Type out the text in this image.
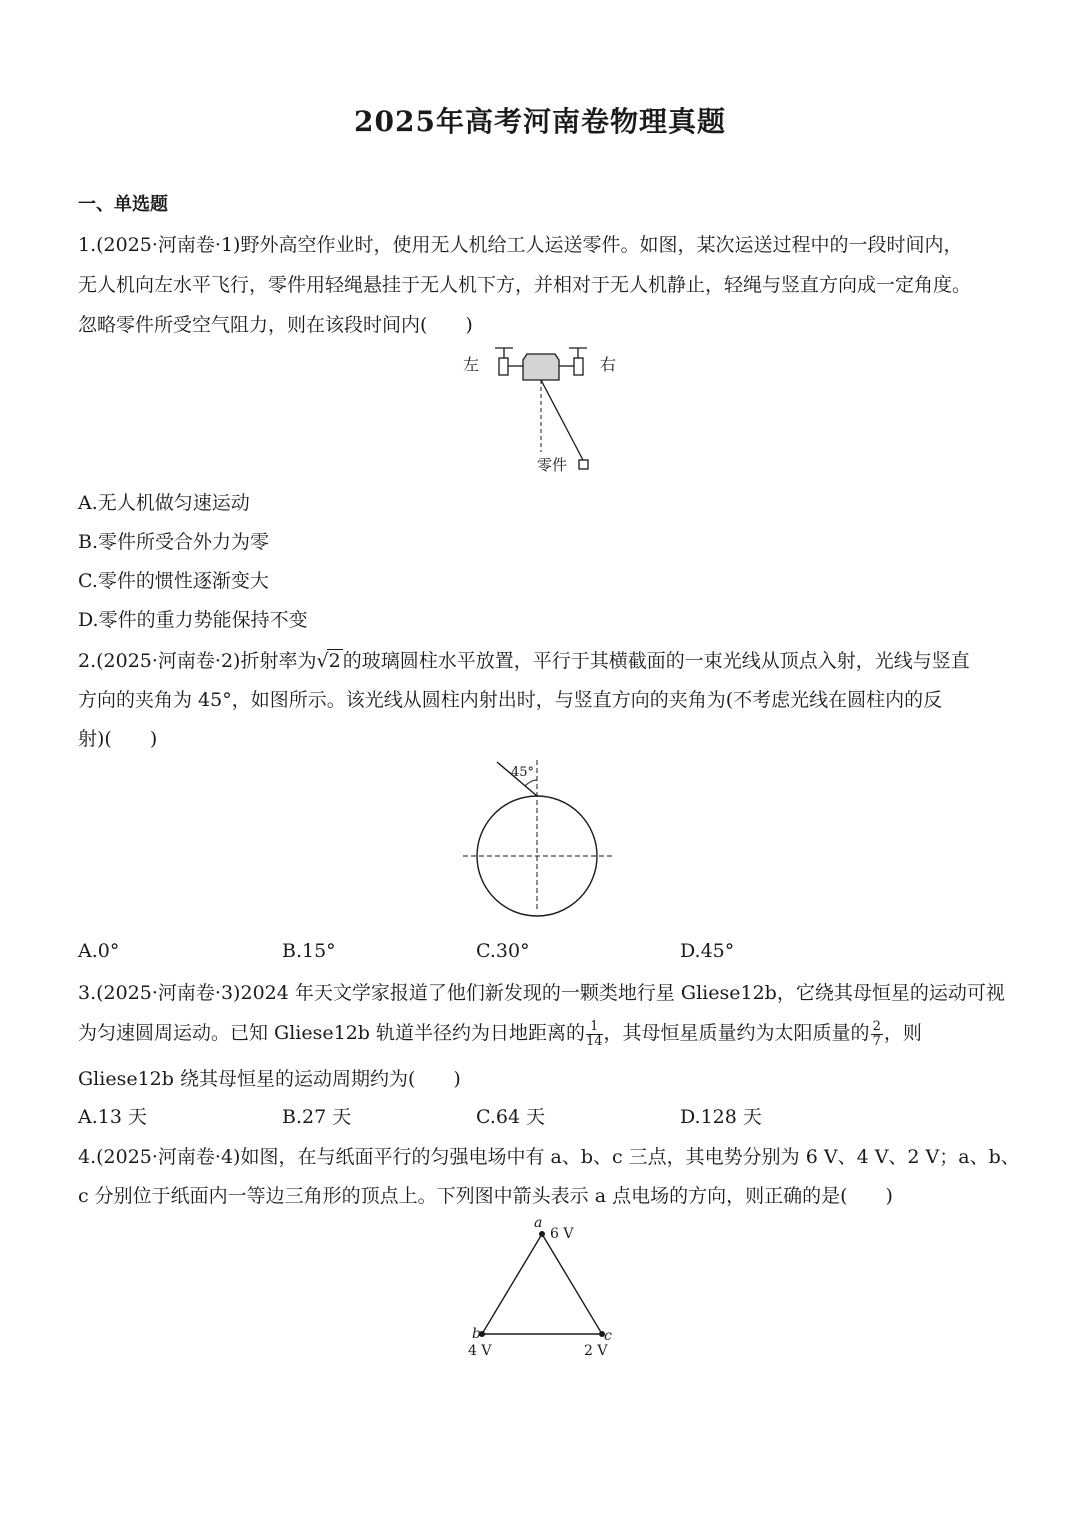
2025年高考河南卷物理真题
一、单选题
1.(2025·河南卷·1)野外高空作业时，使用无人机给工人运送零件。如图，某次运送过程中的一段时间内，
无人机向左水平飞行，零件用轻绳悬挂于无人机下方，并相对于无人机静止，轻绳与竖直方向成一定角度。
忽略零件所受空气阻力，则在该段时间内(　　)
左	右
零件
A.无人机做匀速运动
B.零件所受合外力为零
C.零件的惯性逐渐变大
D.零件的重力势能保持不变
2.(2025·河南卷·2)折射率为√2 的玻璃圆柱水平放置，平行于其横截面的一束光线从顶点入射，光线与竖直
方向的夹角为 45°，如图所示。该光线从圆柱内射出时，与竖直方向的夹角为(不考虑光线在圆柱内的反
射)(　　)
45°
A.0°	B.15°	C.30°	D.45°
3.(2025·河南卷·3)2024 年天文学家报道了他们新发现的一颗类地行星 Gliese12b，它绕其母恒星的运动可视
为匀速圆周运动。已知 Gliese12b 轨道半径约为日地距离的 $\frac{1}{14}$ ，其母恒星质量约为太阳质量的 $\frac{2}{7}$ ，则
Gliese12b 绕其母恒星的运动周期约为(　　)
A.13 天	B.27 天	C.64 天	D.128 天
4.(2025·河南卷·4)如图，在与纸面平行的匀强电场中有 a、b、c 三点，其电势分别为 6 V、4 V、2 V；a、b、
c 分别位于纸面内一等边三角形的顶点上。下列图中箭头表示 a 点电场的方向，则正确的是(　　)
a
6 V
b
4 V
c
2 V
